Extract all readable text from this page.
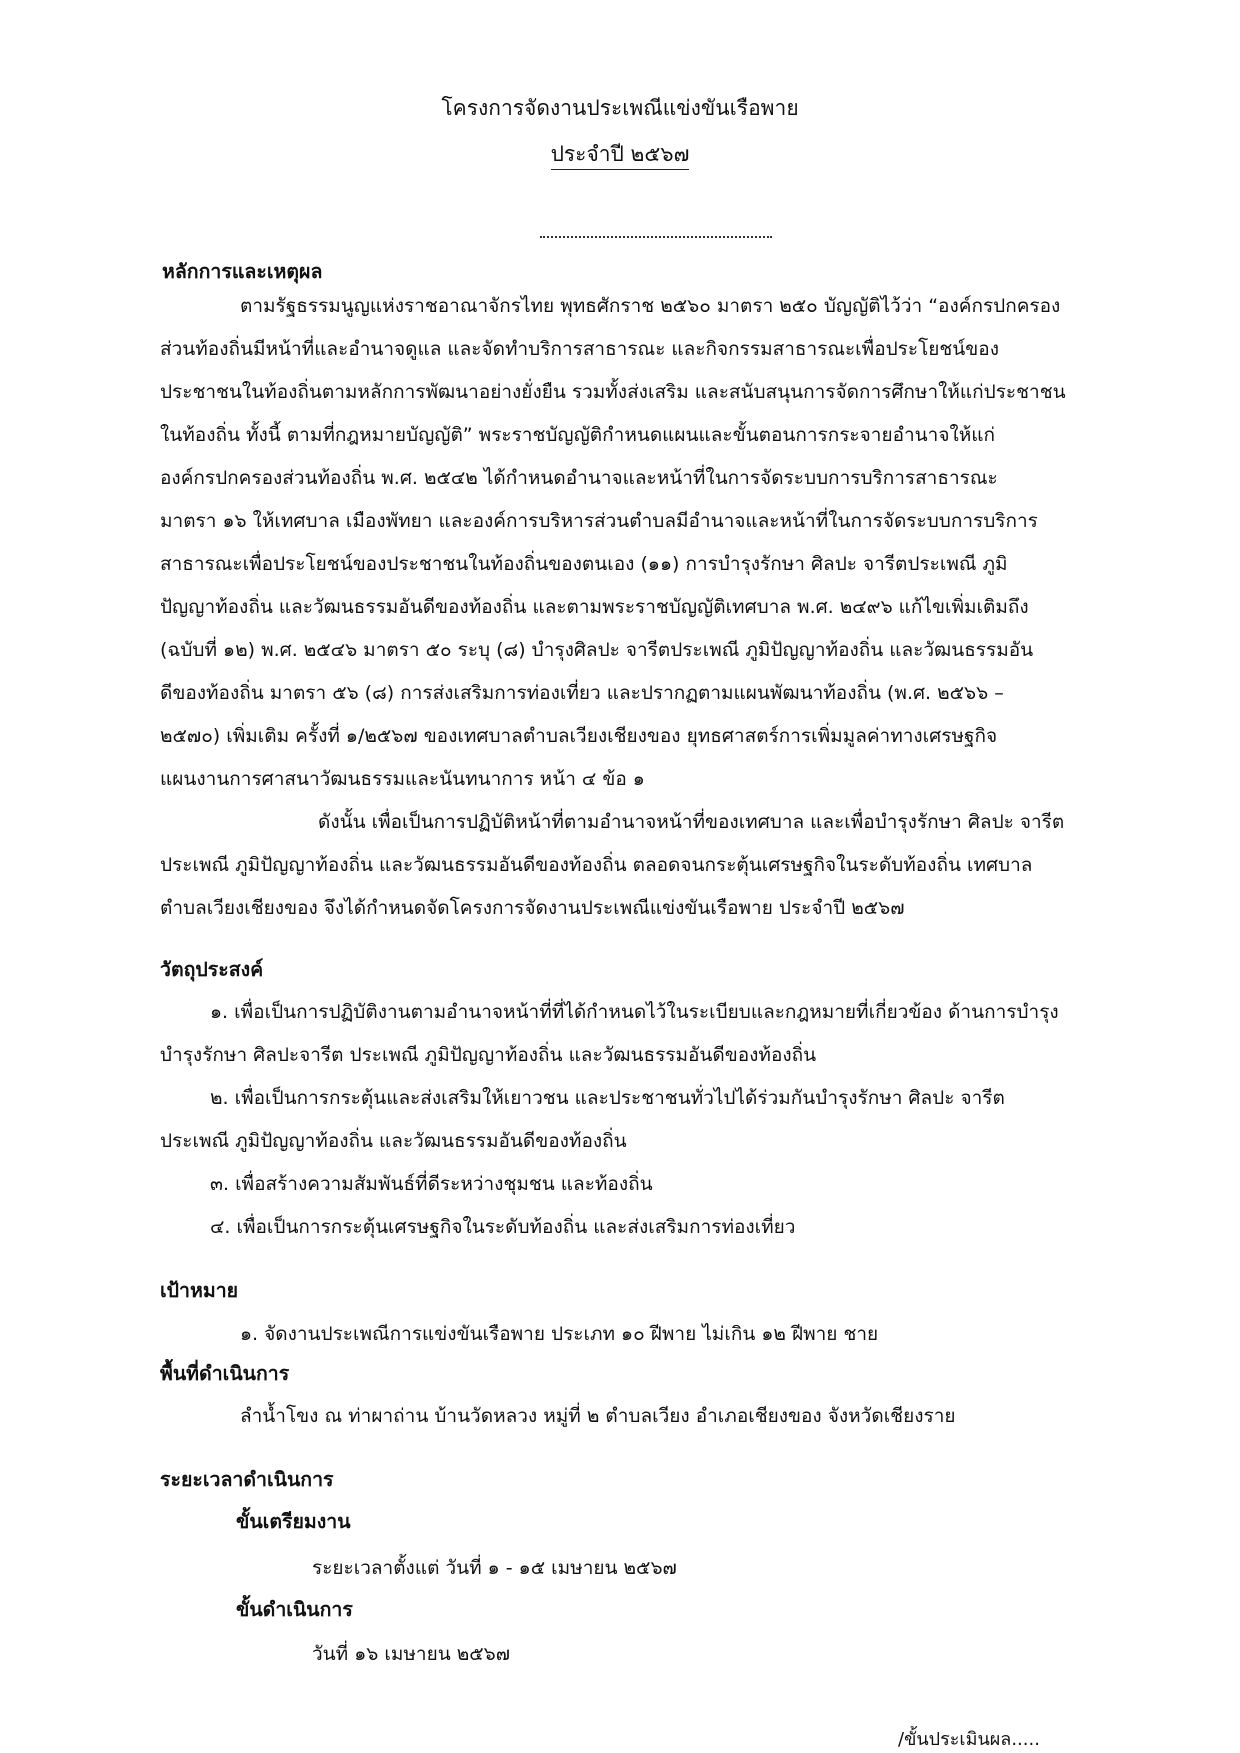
โครงการจัดงานประเพณีแข่งขันเรือพาย

ประจำปี ๒๕๖๗

หลักการและเหตุผล

ตามรัฐธรรมนูญแห่งราชอาณาจักรไทย พุทธศักราช ๒๕๖๐ มาตรา ๒๕๐ บัญญัติไว้ว่า “องค์กรปกครอง

ส่วนท้องถิ่นมีหน้าที่และอำนาจดูแล และจัดทำบริการสาธารณะ และกิจกรรมสาธารณะเพื่อประโยชน์ของ

ประชาชนในท้องถิ่นตามหลักการพัฒนาอย่างยั่งยืน รวมทั้งส่งเสริม และสนับสนุนการจัดการศึกษาให้แก่ประชาชน

ในท้องถิ่น ทั้งนี้ ตามที่กฎหมายบัญญัติ” พระราชบัญญัติกำหนดแผนและขั้นตอนการกระจายอำนาจให้แก่

องค์กรปกครองส่วนท้องถิ่น พ.ศ. ๒๕๔๒ ได้กำหนดอำนาจและหน้าที่ในการจัดระบบการบริการสาธารณะ

มาตรา ๑๖ ให้เทศบาล เมืองพัทยา และองค์การบริหารส่วนตำบลมีอำนาจและหน้าที่ในการจัดระบบการบริการ

สาธารณะเพื่อประโยชน์ของประชาชนในท้องถิ่นของตนเอง (๑๑) การบำรุงรักษา ศิลปะ จารีตประเพณี ภูมิ

ปัญญาท้องถิ่น และวัฒนธรรมอันดีของท้องถิ่น และตามพระราชบัญญัติเทศบาล พ.ศ. ๒๔๙๖ แก้ไขเพิ่มเติมถึง

(ฉบับที่ ๑๒) พ.ศ. ๒๕๔๖ มาตรา ๕๐ ระบุ (๘) บำรุงศิลปะ จารีตประเพณี ภูมิปัญญาท้องถิ่น และวัฒนธรรมอัน

ดีของท้องถิ่น มาตรา ๕๖ (๘) การส่งเสริมการท่องเที่ยว และปรากฏตามแผนพัฒนาท้องถิ่น (พ.ศ. ๒๕๖๖ –

๒๕๗๐) เพิ่มเติม ครั้งที่ ๑/๒๕๖๗ ของเทศบาลตำบลเวียงเชียงของ ยุทธศาสตร์การเพิ่มมูลค่าทางเศรษฐกิจ

แผนงานการศาสนาวัฒนธรรมและนันทนาการ หน้า ๔ ข้อ ๑

ดังนั้น เพื่อเป็นการปฏิบัติหน้าที่ตามอำนาจหน้าที่ของเทศบาล และเพื่อบำรุงรักษา ศิลปะ จารีต

ประเพณี ภูมิปัญญาท้องถิ่น และวัฒนธรรมอันดีของท้องถิ่น ตลอดจนกระตุ้นเศรษฐกิจในระดับท้องถิ่น เทศบาล

ตำบลเวียงเชียงของ จึงได้กำหนดจัดโครงการจัดงานประเพณีแข่งขันเรือพาย ประจำปี ๒๕๖๗

วัตถุประสงค์

๑. เพื่อเป็นการปฏิบัติงานตามอำนาจหน้าที่ที่ได้กำหนดไว้ในระเบียบและกฎหมายที่เกี่ยวข้อง ด้านการบำรุง

บำรุงรักษา ศิลปะจารีต ประเพณี ภูมิปัญญาท้องถิ่น และวัฒนธรรมอันดีของท้องถิ่น

๒. เพื่อเป็นการกระตุ้นและส่งเสริมให้เยาวชน และประชาชนทั่วไปได้ร่วมกันบำรุงรักษา ศิลปะ จารีต

ประเพณี ภูมิปัญญาท้องถิ่น และวัฒนธรรมอันดีของท้องถิ่น

๓. เพื่อสร้างความสัมพันธ์ที่ดีระหว่างชุมชน และท้องถิ่น

๔. เพื่อเป็นการกระตุ้นเศรษฐกิจในระดับท้องถิ่น และส่งเสริมการท่องเที่ยว

เป้าหมาย

๑. จัดงานประเพณีการแข่งขันเรือพาย ประเภท ๑๐ ฝีพาย ไม่เกิน ๑๒ ฝีพาย ชาย

พื้นที่ดำเนินการ

ลำน้ำโขง ณ ท่าผาถ่าน บ้านวัดหลวง หมู่ที่ ๒ ตำบลเวียง อำเภอเชียงของ จังหวัดเชียงราย

ระยะเวลาดำเนินการ

ขั้นเตรียมงาน

ระยะเวลาตั้งแต่ วันที่ ๑ - ๑๕ เมษายน ๒๕๖๗

ขั้นดำเนินการ

วันที่ ๑๖ เมษายน ๒๕๖๗

/ขั้นประเมินผล.....
